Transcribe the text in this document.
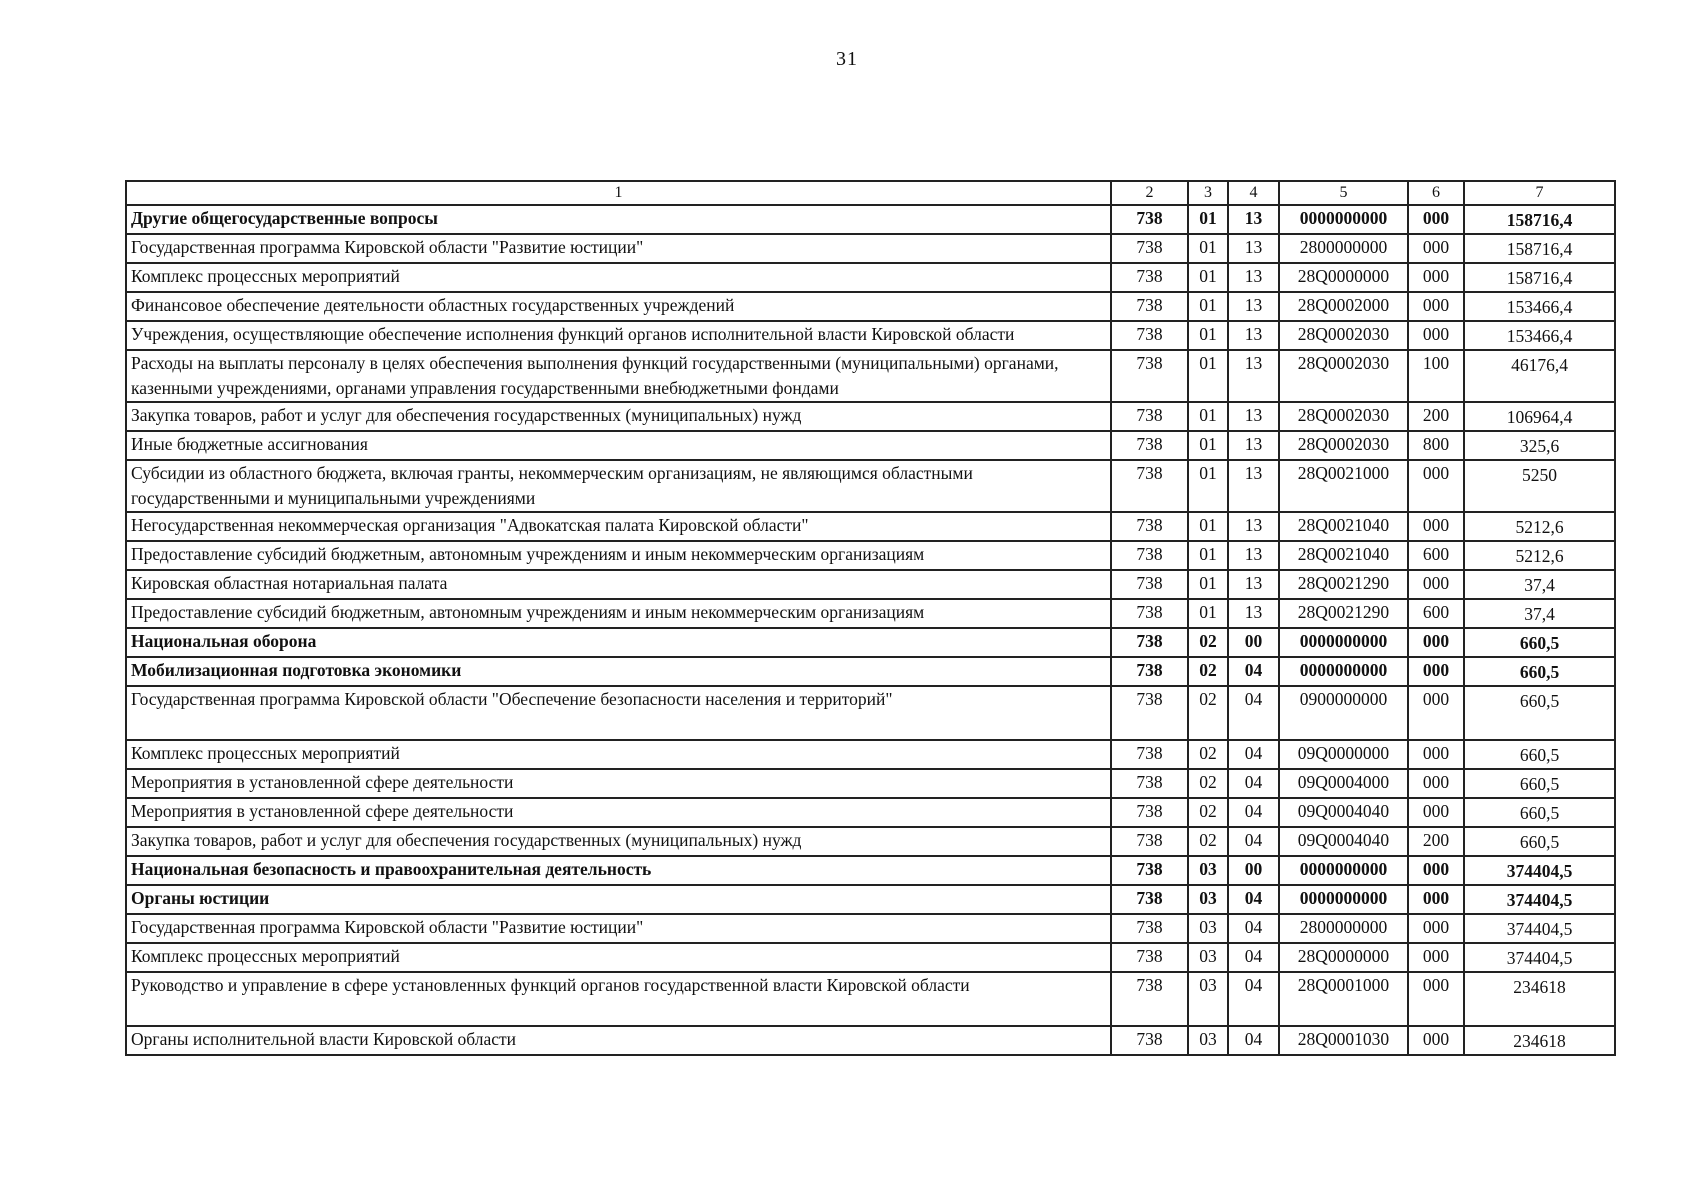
31
1	2	3	4	5	6	7
Другие общегосударственные вопросы	738	01	13	0000000000	000	158716,4
Государственная программа Кировской области "Развитие юстиции"	738	01	13	2800000000	000	158716,4
Комплекс процессных мероприятий	738	01	13	28Q0000000	000	158716,4
Финансовое обеспечение деятельности областных государственных учреждений	738	01	13	28Q0002000	000	153466,4
Учреждения, осуществляющие обеспечение исполнения функций органов исполнительной власти Кировской области	738	01	13	28Q0002030	000	153466,4
Расходы на выплаты персоналу в целях обеспечения выполнения функций государственными (муниципальными) органами, казенными учреждениями, органами управления государственными внебюджетными фондами	738	01	13	28Q0002030	100	46176,4
Закупка товаров, работ и услуг для обеспечения государственных (муниципальных) нужд	738	01	13	28Q0002030	200	106964,4
Иные бюджетные ассигнования	738	01	13	28Q0002030	800	325,6
Субсидии из областного бюджета, включая гранты, некоммерческим организациям, не являющимся областными государственными и муниципальными учреждениями	738	01	13	28Q0021000	000	5250
Негосударственная некоммерческая организация "Адвокатская палата Кировской области"	738	01	13	28Q0021040	000	5212,6
Предоставление субсидий бюджетным, автономным учреждениям и иным некоммерческим организациям	738	01	13	28Q0021040	600	5212,6
Кировская областная нотариальная палата	738	01	13	28Q0021290	000	37,4
Предоставление субсидий бюджетным, автономным учреждениям и иным некоммерческим организациям	738	01	13	28Q0021290	600	37,4
Национальная оборона	738	02	00	0000000000	000	660,5
Мобилизационная подготовка экономики	738	02	04	0000000000	000	660,5
Государственная программа Кировской области "Обеспечение безопасности населения и территорий"	738	02	04	0900000000	000	660,5
Комплекс процессных мероприятий	738	02	04	09Q0000000	000	660,5
Мероприятия в установленной сфере деятельности	738	02	04	09Q0004000	000	660,5
Мероприятия в установленной сфере деятельности	738	02	04	09Q0004040	000	660,5
Закупка товаров, работ и услуг для обеспечения государственных (муниципальных) нужд	738	02	04	09Q0004040	200	660,5
Национальная безопасность и правоохранительная деятельность	738	03	00	0000000000	000	374404,5
Органы юстиции	738	03	04	0000000000	000	374404,5
Государственная программа Кировской области "Развитие юстиции"	738	03	04	2800000000	000	374404,5
Комплекс процессных мероприятий	738	03	04	28Q0000000	000	374404,5
Руководство и управление в сфере установленных функций органов государственной власти Кировской области	738	03	04	28Q0001000	000	234618
Органы исполнительной власти Кировской области	738	03	04	28Q0001030	000	234618
